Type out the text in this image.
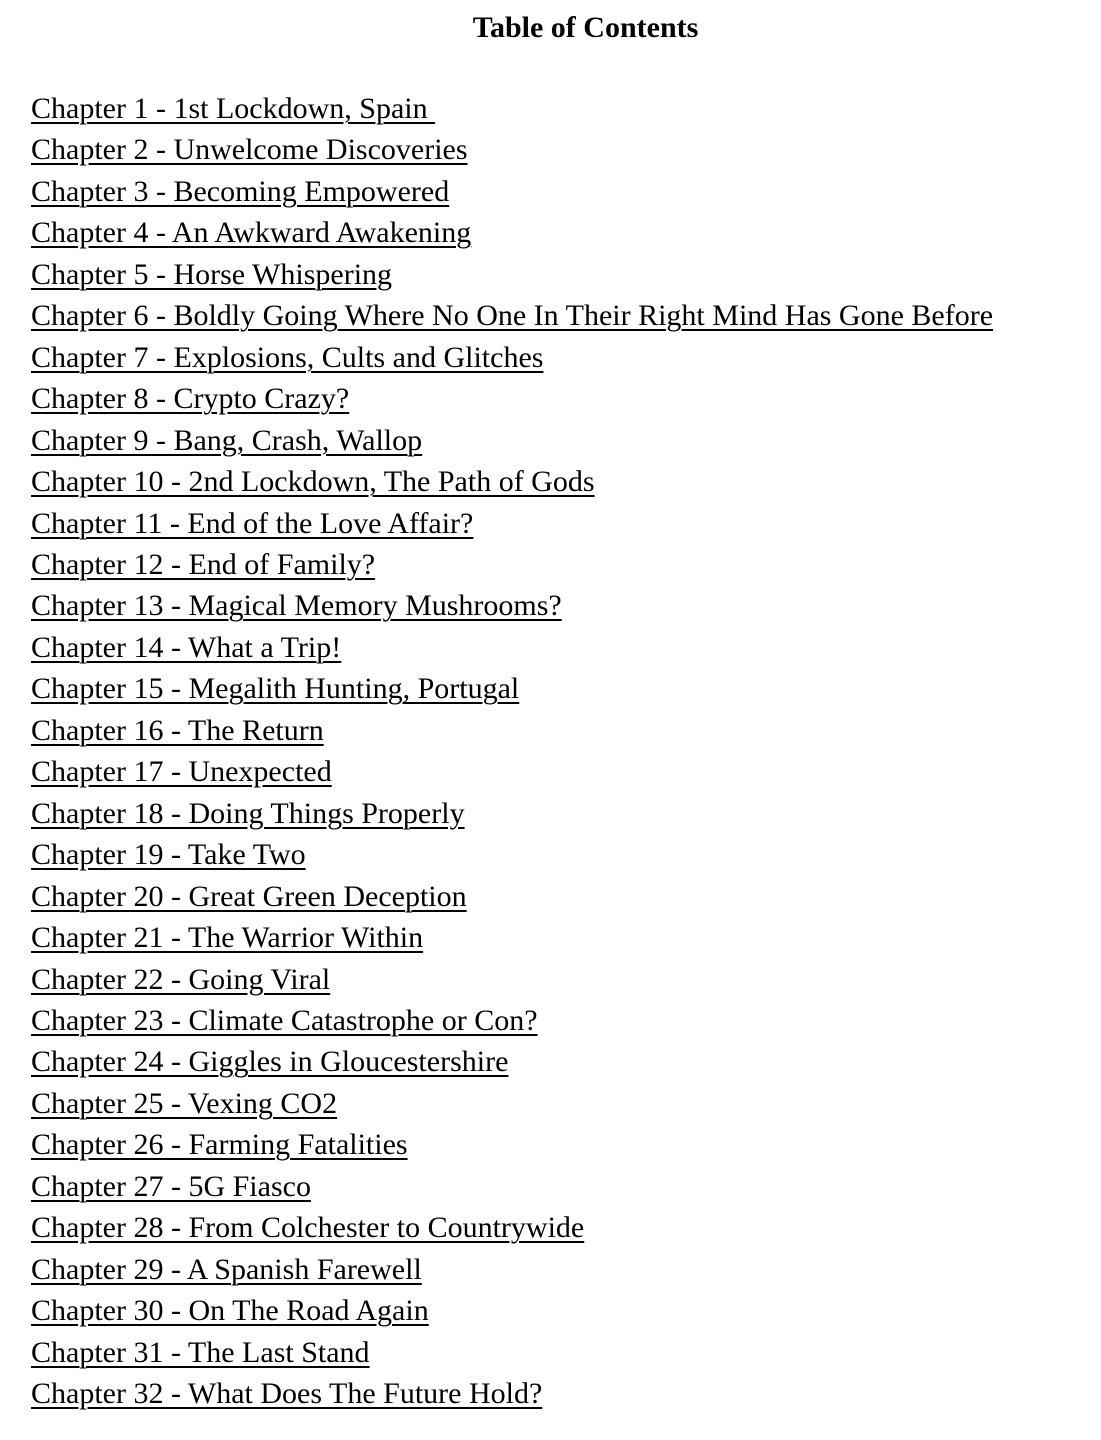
Table of Contents
Chapter 1 - 1st Lockdown, Spain
Chapter 2 - Unwelcome Discoveries
Chapter 3 - Becoming Empowered
Chapter 4 - An Awkward Awakening
Chapter 5 - Horse Whispering
Chapter 6 - Boldly Going Where No One In Their Right Mind Has Gone Before
Chapter 7 - Explosions, Cults and Glitches
Chapter 8 - Crypto Crazy?
Chapter 9 - Bang, Crash, Wallop
Chapter 10 - 2nd Lockdown, The Path of Gods
Chapter 11 - End of the Love Affair?
Chapter 12 - End of Family?
Chapter 13 - Magical Memory Mushrooms?
Chapter 14 - What a Trip!
Chapter 15 - Megalith Hunting, Portugal
Chapter 16 - The Return
Chapter 17 - Unexpected
Chapter 18 - Doing Things Properly
Chapter 19 - Take Two
Chapter 20 - Great Green Deception
Chapter 21 - The Warrior Within
Chapter 22 - Going Viral
Chapter 23 - Climate Catastrophe or Con?
Chapter 24 - Giggles in Gloucestershire
Chapter 25 - Vexing CO2
Chapter 26 - Farming Fatalities
Chapter 27 - 5G Fiasco
Chapter 28 - From Colchester to Countrywide
Chapter 29 - A Spanish Farewell
Chapter 30 - On The Road Again
Chapter 31 - The Last Stand
Chapter 32 - What Does The Future Hold?
